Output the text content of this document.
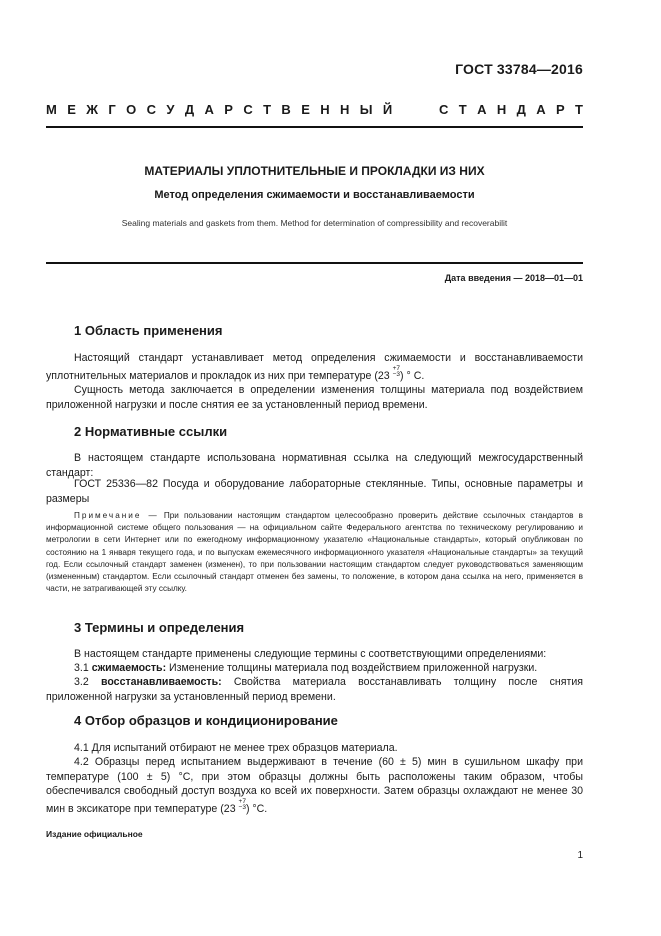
ГОСТ 33784—2016
М Е Ж Г О С У Д А Р С Т В Е Н Н Ы Й	С Т А Н Д А Р Т
МАТЕРИАЛЫ УПЛОТНИТЕЛЬНЫЕ И ПРОКЛАДКИ ИЗ НИХ
Метод определения сжимаемости и восстанавливаемости
Sealing materials and gaskets from them. Method for determination of compressibility and recoverabilit
Дата введения — 2018—01—01
1 Область применения
Настоящий стандарт устанавливает метод определения сжимаемости и восстанавливаемости уплотнительных материалов и прокладок из них при температуре (23
$^{+7 -3}$ ) ° С.
Сущность метода заключается в определении изменения толщины материала под воздействием приложенной нагрузки и после снятия ее за установленный период времени.
2 Нормативные ссылки
В настоящем стандарте использована нормативная ссылка на следующий межгосударственный стандарт:
ГОСТ 25336—82 Посуда и оборудование лабораторные стеклянные. Типы, основные параметры и размеры
Примечание — При пользовании настоящим стандартом целесообразно проверить действие ссылочных стандартов в информационной системе общего пользования — на официальном сайте Федерального агентства по техническому регулированию и метрологии в сети Интернет или по ежегодному информационному указателю «Национальные стандарты», который опубликован по состоянию на 1 января текущего года, и по выпускам ежемесячного информационного указателя «Национальные стандарты» за текущий год. Если ссылочный стандарт заменен (изменен), то при пользовании настоящим стандартом следует руководствоваться заменяющим (измененным) стандартом. Если ссылочный стандарт отменен без замены, то положение, в котором дана ссылка на него, применяется в части, не затрагивающей эту ссылку.
3 Термины и определения
В настоящем стандарте применены следующие термины с соответствующими определениями:
3.1 сжимаемость: Изменение толщины материала под воздействием приложенной нагрузки.
3.2 восстанавливаемость: Свойства материала восстанавливать толщину после снятия приложенной нагрузки за установленный период времени.
4 Отбор образцов и кондиционирование
4.1 Для испытаний отбирают не менее трех образцов материала.
4.2 Образцы перед испытанием выдерживают в течение (60 ± 5) мин в сушильном шкафу при температуре (100 ± 5) °С, при этом образцы должны быть расположены таким образом, чтобы обеспечивался свободный доступ воздуха ко всей их поверхности. Затем образцы охлаждают не менее 30 мин в эксикаторе при температуре (23
$^{+7 -3}$ ) °С.
Издание официальное
1
